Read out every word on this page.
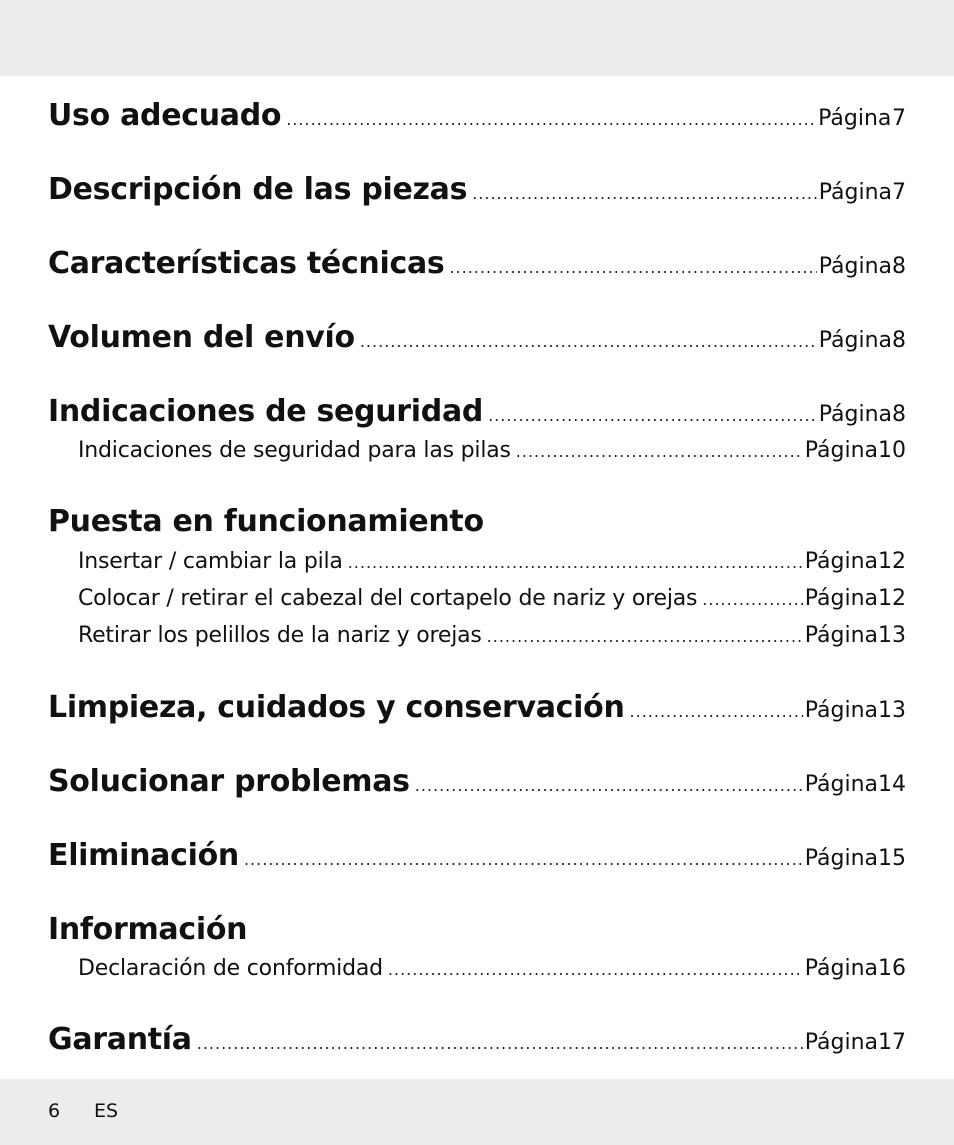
Uso adecuado .....	Página 7
Descripción de las piezas .....	Página 7
Características técnicas .....	Página 8
Volumen del envío .....	Página 8
Indicaciones de seguridad .....	Página 8
Indicaciones de seguridad para las pilas .....	Página 10
Puesta en funcionamiento
Insertar / cambiar la pila .....	Página 12
Colocar / retirar el cabezal del cortapelo de nariz y orejas .....	Página 12
Retirar los pelillos de la nariz y orejas .....	Página 13
Limpieza, cuidados y conservación .....	Página 13
Solucionar problemas .....	Página 14
Eliminación .....	Página 15
Información
Declaración de conformidad .....	Página 16
Garantía .....	Página 17
6 ES
